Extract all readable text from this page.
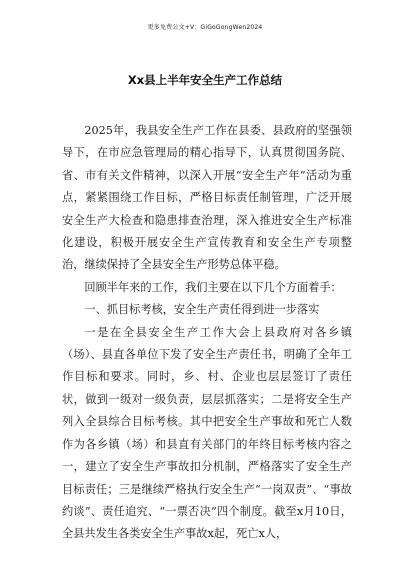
更多免费公文+V：GiGoGongWen2024
Xx县上半年安全生产工作总结

2025年，我县安全生产工作在县委、县政府的坚强领导下，在市应急管理局的精心指导下，认真贯彻国务院、省、市有关文件精神，以深入开展“安全生产年”活动为重点，紧紧围绕工作目标，严格目标责任制管理，广泛开展安全生产大检查和隐患排查治理，深入推进安全生产标准化建设，积极开展安全生产宣传教育和安全生产专项整治，继续保持了全县安全生产形势总体平稳。

回顾半年来的工作，我们主要在以下几个方面着手：

一、抓目标考核，安全生产责任得到进一步落实

一是在全县安全生产工作大会上县政府对各乡镇（场）、县直各单位下发了安全生产责任书，明确了全年工作目标和要求。同时，乡、村、企业也层层签订了责任状，做到一级对一级负责，层层抓落实；二是将安全生产列入全县综合目标考核。其中把安全生产事故和死亡人数作为各乡镇（场）和县直有关部门的年终目标考核内容之一，建立了安全生产事故扣分机制，严格落实了安全生产目标责任；三是继续严格执行安全生产“一岗双责”、“事故约谈”、责任追究、“一票否决”四个制度。截至x月10日，全县共发生各类安全生产事故x起，死亡x人，
